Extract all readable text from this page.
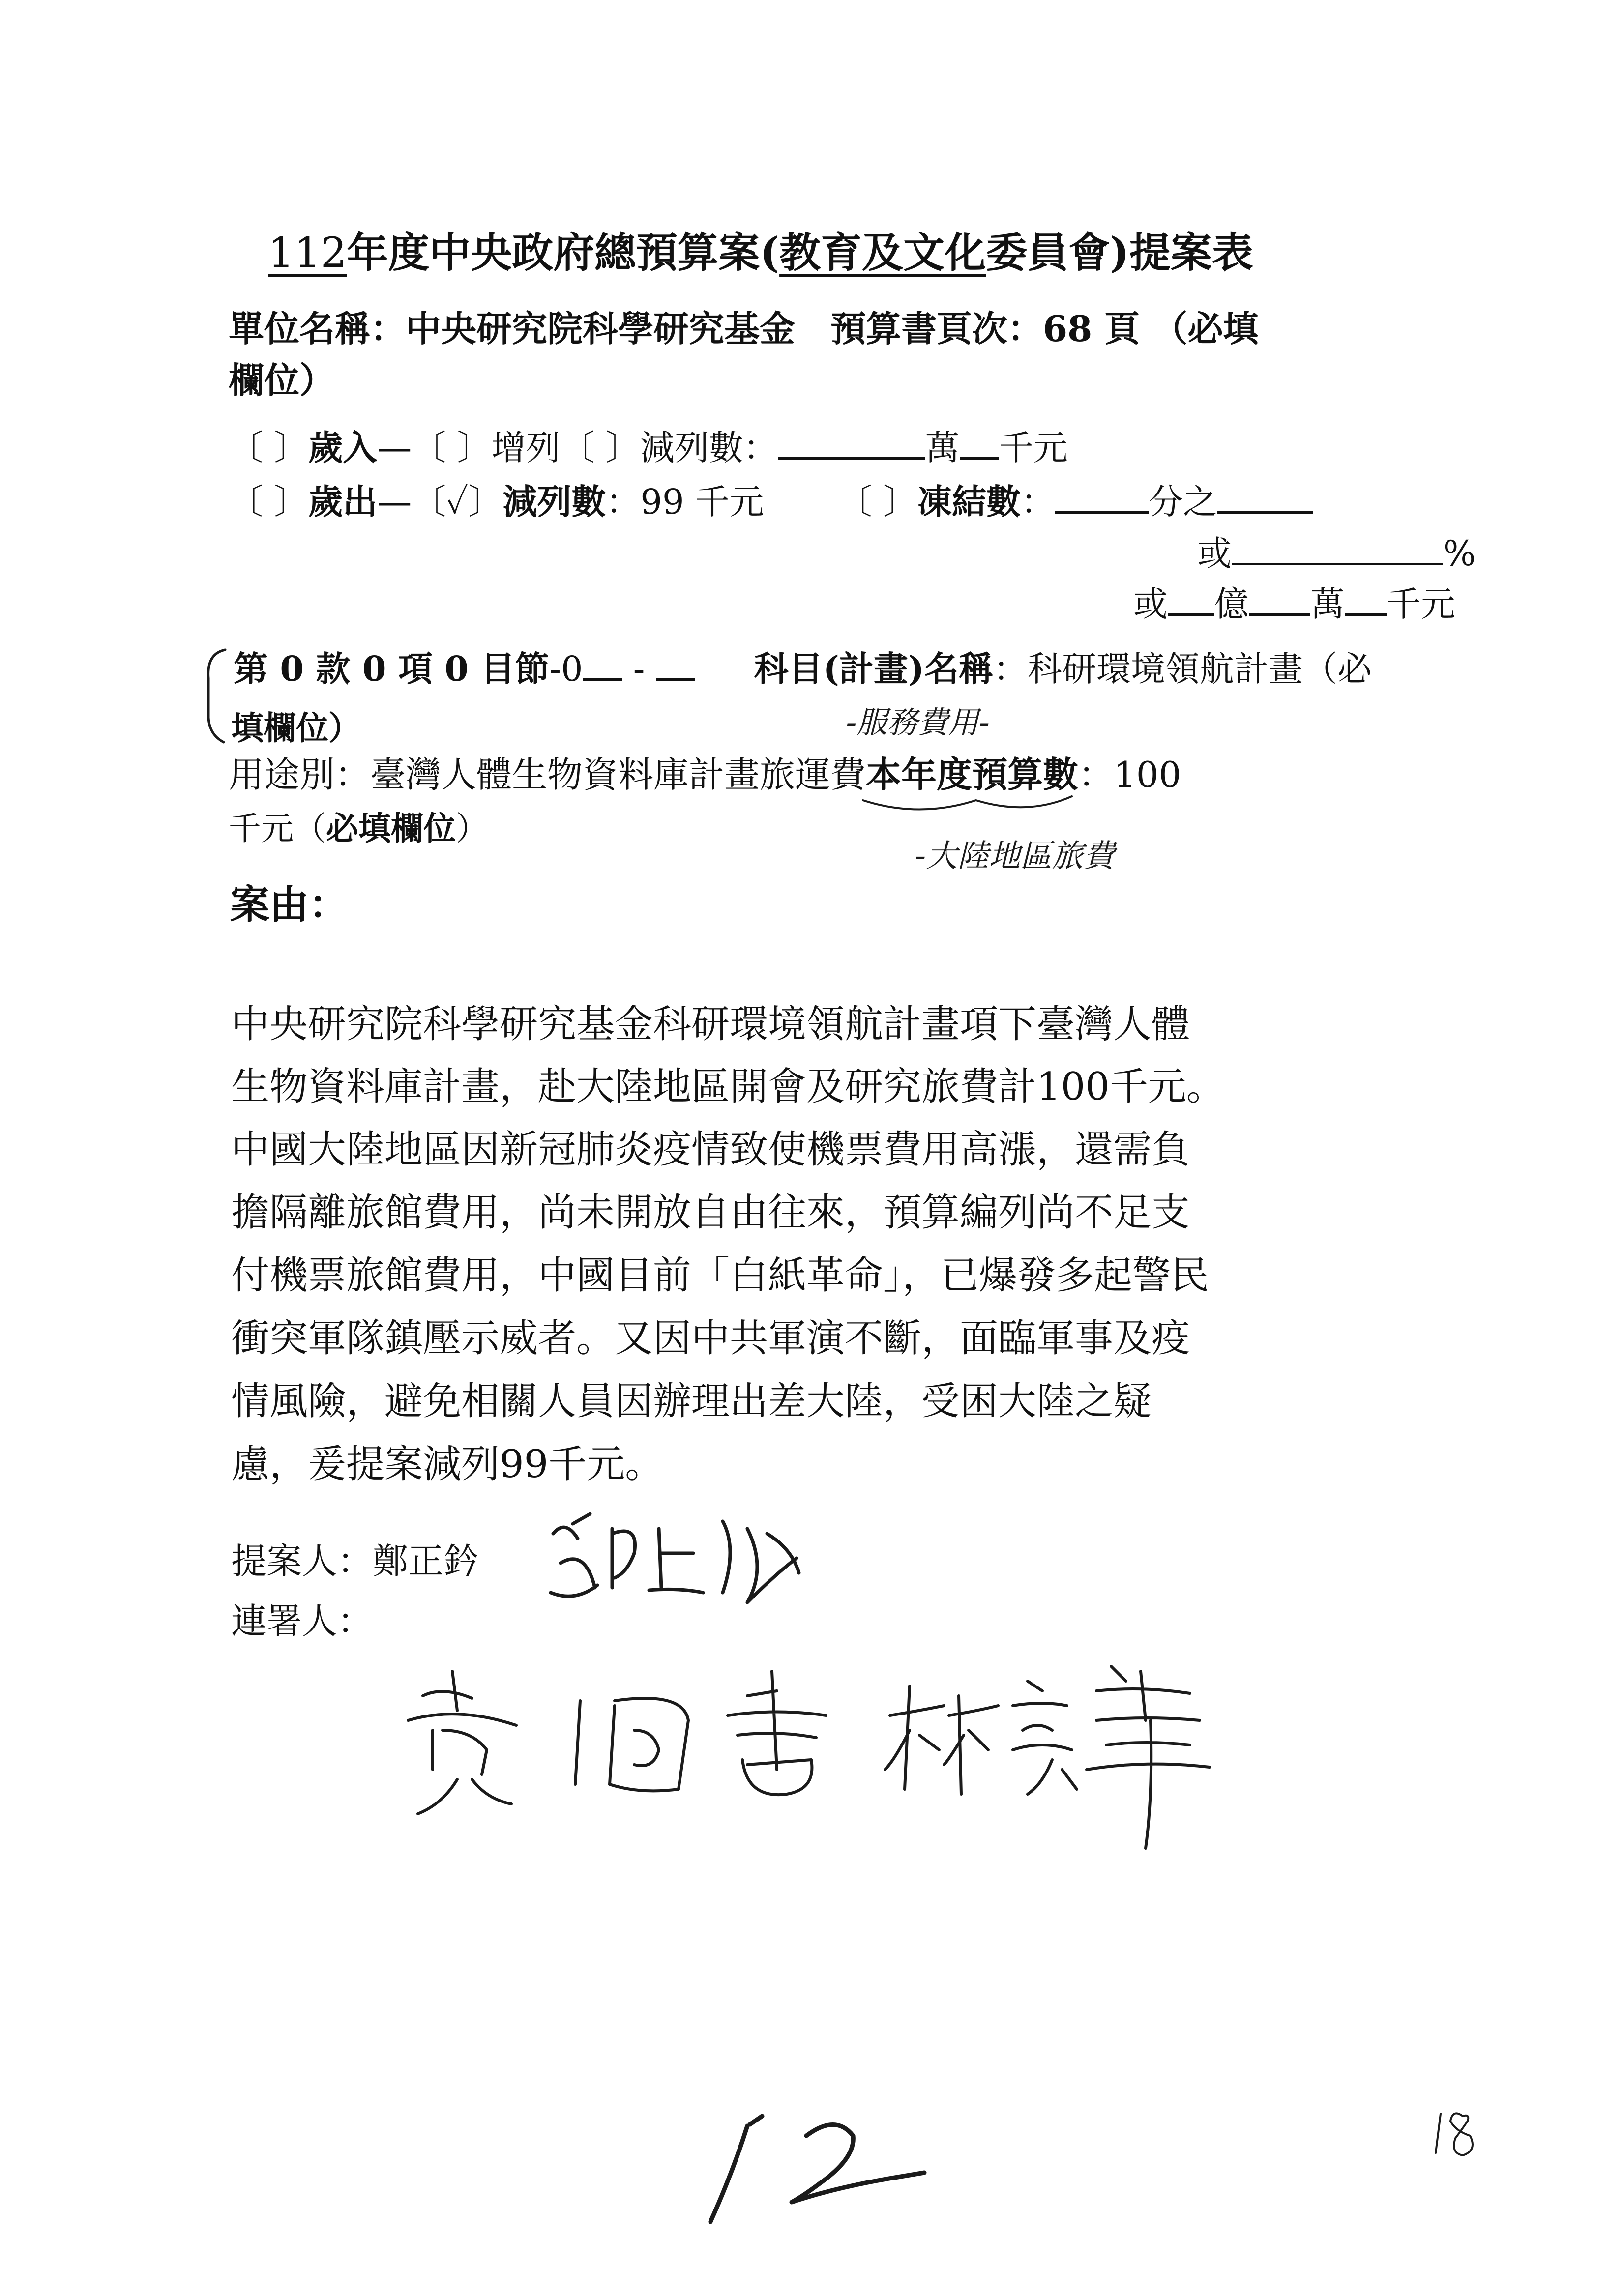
112年度中央政府總預算案(教育及文化委員會)提案表
單位名稱：中央研究院科學研究基金　預算書頁次：68 頁 （必填
欄位）
〔 〕歲入—〔 〕增列〔 〕減列數：	萬 千元
〔 〕歲出—〔✓〕減列數：99 千元 〔 〕凍結數：	分之
或	%
或 億 萬 千元
第 0 款 0 項 0 目節-0 -	科目(計畫)名稱：科研環境領航計畫（必
填欄位）
用途別：臺灣人體生物資料庫計畫旅運費本年度預算數：100
千元（必填欄位）
-服務費用-
-大陸地區旅費
案由：
中央研究院科學研究基金科研環境領航計畫項下臺灣人體
生物資料庫計畫，赴大陸地區開會及研究旅費計100千元。
中國大陸地區因新冠肺炎疫情致使機票費用高漲，還需負
擔隔離旅館費用，尚未開放自由往來，預算編列尚不足支
付機票旅館費用，中國目前「白紙革命」，已爆發多起警民
衝突軍隊鎮壓示威者。又因中共軍演不斷，面臨軍事及疫
情風險，避免相關人員因辦理出差大陸，受困大陸之疑
慮，爰提案減列99千元。
提案人：鄭正鈐
連署人：
